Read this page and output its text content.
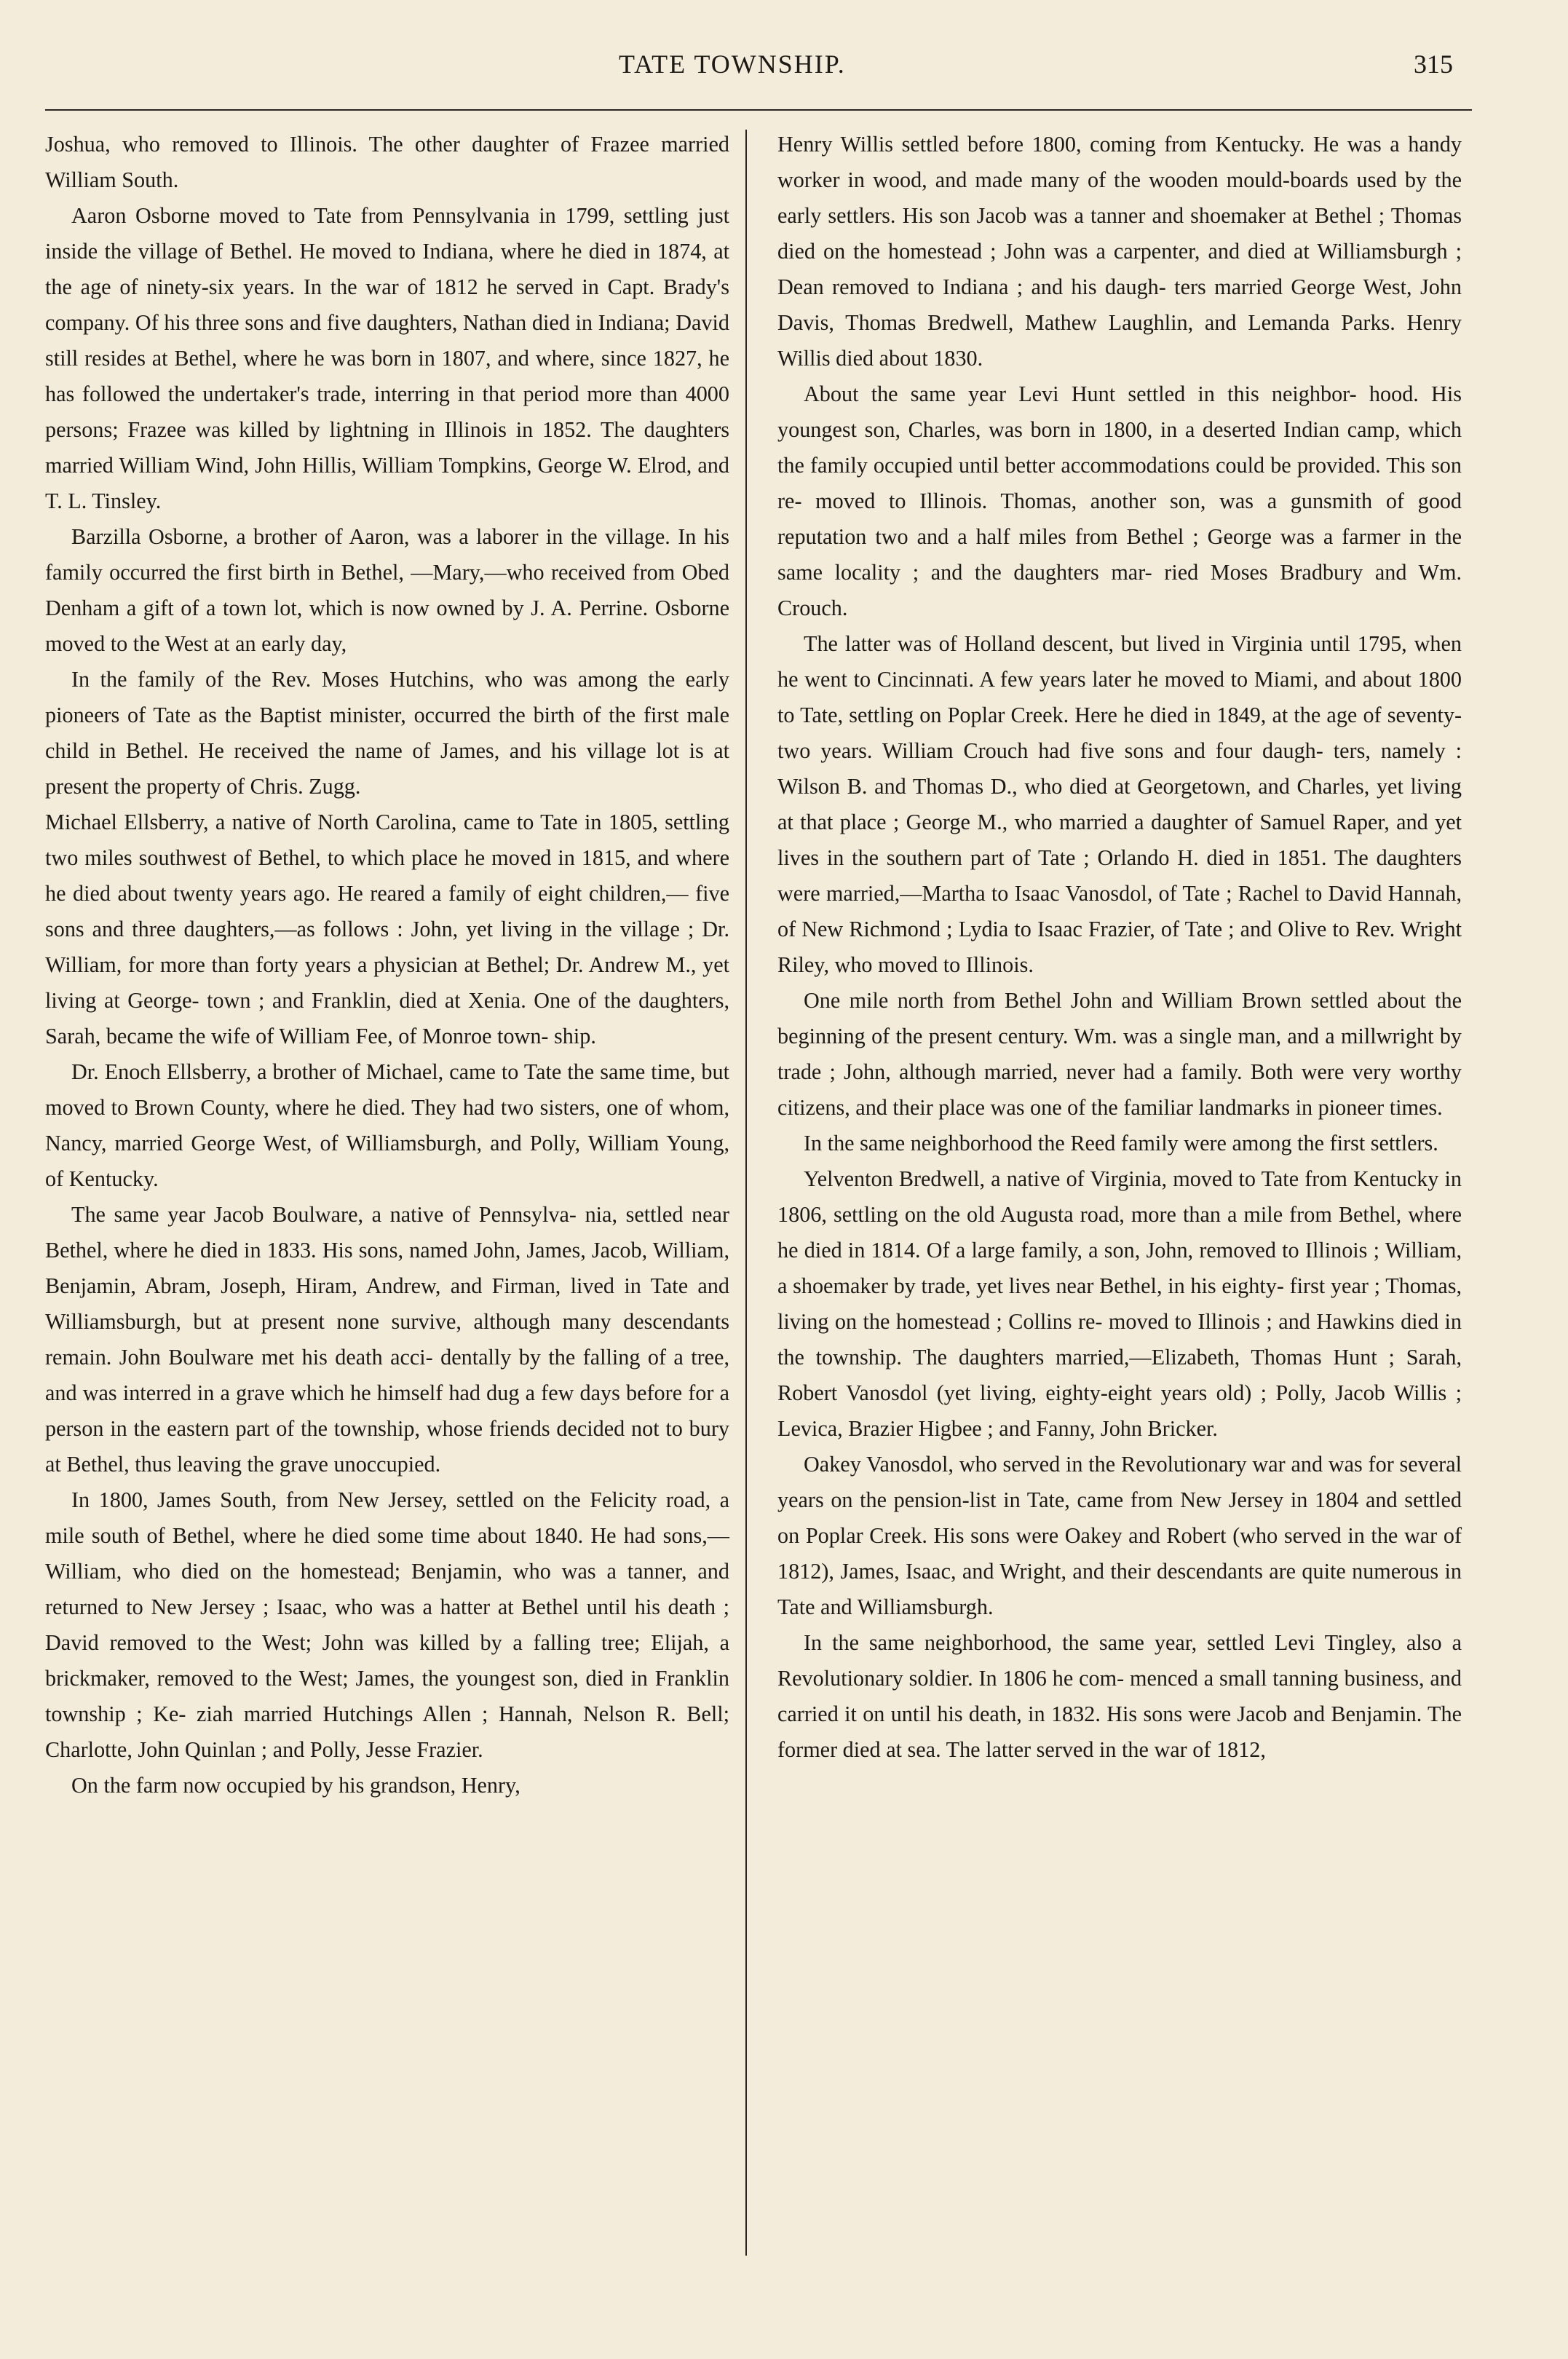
TATE TOWNSHIP.	315

Joshua, who removed to Illinois. The other daughter of Frazee married William South.

Aaron Osborne moved to Tate from Pennsylvania in 1799, settling just inside the village of Bethel. He moved to Indiana, where he died in 1874, at the age of ninety-six years. In the war of 1812 he served in Capt. Brady's company. Of his three sons and five daughters, Nathan died in Indiana; David still resides at Bethel, where he was born in 1807, and where, since 1827, he has followed the undertaker's trade, interring in that period more than 4000 persons; Frazee was killed by lightning in Illinois in 1852. The daughters married William Wind, John Hillis, William Tompkins, George W. Elrod, and T. L. Tinsley.

Barzilla Osborne, a brother of Aaron, was a laborer in the village. In his family occurred the first birth in Bethel, —Mary,—who received from Obed Denham a gift of a town lot, which is now owned by J. A. Perrine. Osborne moved to the West at an early day,

In the family of the Rev. Moses Hutchins, who was among the early pioneers of Tate as the Baptist minister, occurred the birth of the first male child in Bethel. He received the name of James, and his village lot is at present the property of Chris. Zugg.

Michael Ellsberry, a native of North Carolina, came to Tate in 1805, settling two miles southwest of Bethel, to which place he moved in 1815, and where he died about twenty years ago. He reared a family of eight children,— five sons and three daughters,—as follows : John, yet living in the village ; Dr. William, for more than forty years a physician at Bethel; Dr. Andrew M., yet living at George- town ; and Franklin, died at Xenia. One of the daughters, Sarah, became the wife of William Fee, of Monroe town- ship.

Dr. Enoch Ellsberry, a brother of Michael, came to Tate the same time, but moved to Brown County, where he died. They had two sisters, one of whom, Nancy, married George West, of Williamsburgh, and Polly, William Young, of Kentucky.

The same year Jacob Boulware, a native of Pennsylva- nia, settled near Bethel, where he died in 1833. His sons, named John, James, Jacob, William, Benjamin, Abram, Joseph, Hiram, Andrew, and Firman, lived in Tate and Williamsburgh, but at present none survive, although many descendants remain. John Boulware met his death acci- dentally by the falling of a tree, and was interred in a grave which he himself had dug a few days before for a person in the eastern part of the township, whose friends decided not to bury at Bethel, thus leaving the grave unoccupied.

In 1800, James South, from New Jersey, settled on the Felicity road, a mile south of Bethel, where he died some time about 1840. He had sons,—William, who died on the homestead; Benjamin, who was a tanner, and returned to New Jersey ; Isaac, who was a hatter at Bethel until his death ; David removed to the West; John was killed by a falling tree; Elijah, a brickmaker, removed to the West; James, the youngest son, died in Franklin township ; Ke- ziah married Hutchings Allen ; Hannah, Nelson R. Bell; Charlotte, John Quinlan ; and Polly, Jesse Frazier.

On the farm now occupied by his grandson, Henry,

Henry Willis settled before 1800, coming from Kentucky. He was a handy worker in wood, and made many of the wooden mould-boards used by the early settlers. His son Jacob was a tanner and shoemaker at Bethel ; Thomas died on the homestead ; John was a carpenter, and died at Williamsburgh ; Dean removed to Indiana ; and his daugh- ters married George West, John Davis, Thomas Bredwell, Mathew Laughlin, and Lemanda Parks. Henry Willis died about 1830.

About the same year Levi Hunt settled in this neighbor- hood. His youngest son, Charles, was born in 1800, in a deserted Indian camp, which the family occupied until better accommodations could be provided. This son re- moved to Illinois. Thomas, another son, was a gunsmith of good reputation two and a half miles from Bethel ; George was a farmer in the same locality ; and the daughters mar- ried Moses Bradbury and Wm. Crouch.

The latter was of Holland descent, but lived in Virginia until 1795, when he went to Cincinnati. A few years later he moved to Miami, and about 1800 to Tate, settling on Poplar Creek. Here he died in 1849, at the age of seventy- two years. William Crouch had five sons and four daugh- ters, namely : Wilson B. and Thomas D., who died at Georgetown, and Charles, yet living at that place ; George M., who married a daughter of Samuel Raper, and yet lives in the southern part of Tate ; Orlando H. died in 1851. The daughters were married,—Martha to Isaac Vanosdol, of Tate ; Rachel to David Hannah, of New Richmond ; Lydia to Isaac Frazier, of Tate ; and Olive to Rev. Wright Riley, who moved to Illinois.

One mile north from Bethel John and William Brown settled about the beginning of the present century. Wm. was a single man, and a millwright by trade ; John, although married, never had a family. Both were very worthy citizens, and their place was one of the familiar landmarks in pioneer times.

In the same neighborhood the Reed family were among the first settlers.

Yelventon Bredwell, a native of Virginia, moved to Tate from Kentucky in 1806, settling on the old Augusta road, more than a mile from Bethel, where he died in 1814. Of a large family, a son, John, removed to Illinois ; William, a shoemaker by trade, yet lives near Bethel, in his eighty- first year ; Thomas, living on the homestead ; Collins re- moved to Illinois ; and Hawkins died in the township. The daughters married,—Elizabeth, Thomas Hunt ; Sarah, Robert Vanosdol (yet living, eighty-eight years old) ; Polly, Jacob Willis ; Levica, Brazier Higbee ; and Fanny, John Bricker.

Oakey Vanosdol, who served in the Revolutionary war and was for several years on the pension-list in Tate, came from New Jersey in 1804 and settled on Poplar Creek. His sons were Oakey and Robert (who served in the war of 1812), James, Isaac, and Wright, and their descendants are quite numerous in Tate and Williamsburgh.

In the same neighborhood, the same year, settled Levi Tingley, also a Revolutionary soldier. In 1806 he com- menced a small tanning business, and carried it on until his death, in 1832. His sons were Jacob and Benjamin. The former died at sea. The latter served in the war of 1812,
